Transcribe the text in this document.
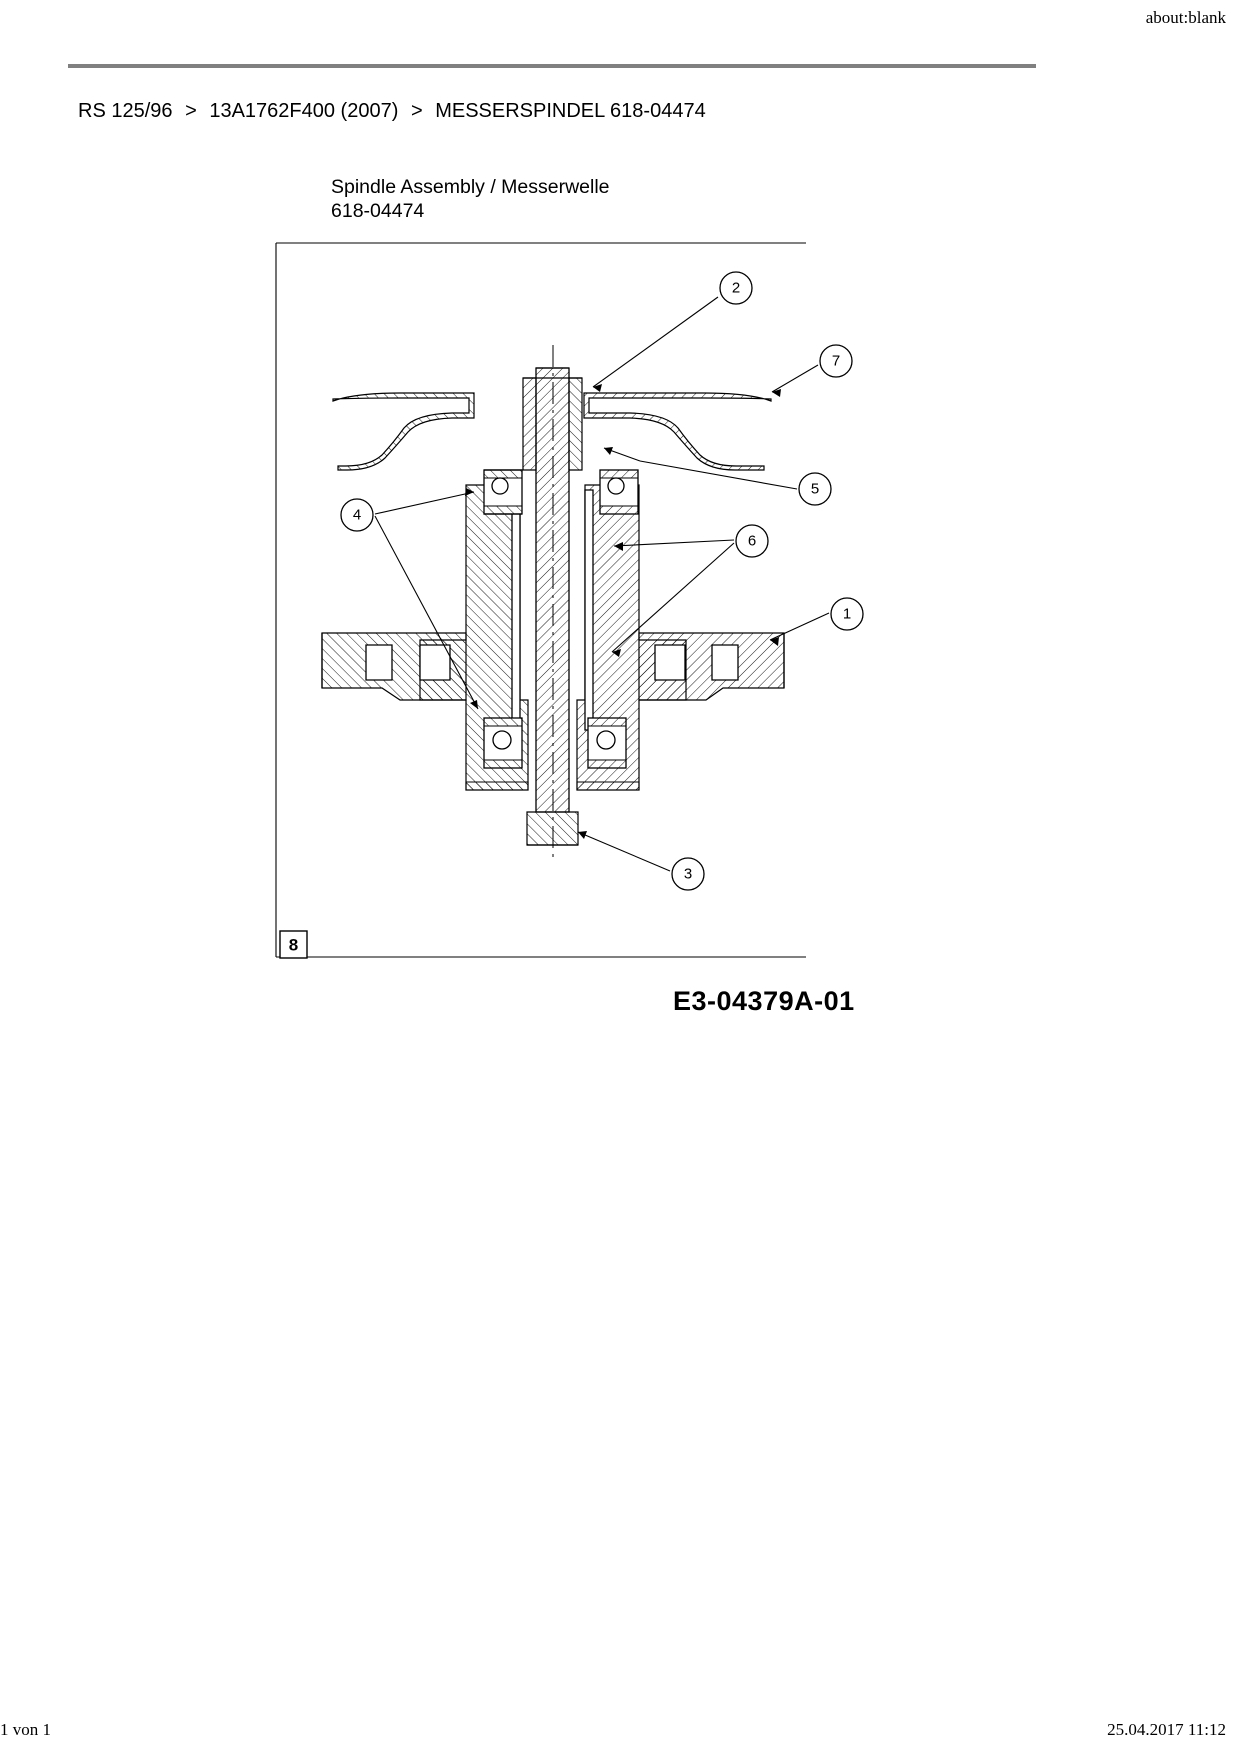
about:blank
RS 125/96 > 13A1762F400 (2007) > MESSERSPINDEL 618-04474
Spindle Assembly / Messerwelle
618-04474
8
1
2
3
4
5
6
7
E3-04379A-01
1 von 1	25.04.2017 11:12
